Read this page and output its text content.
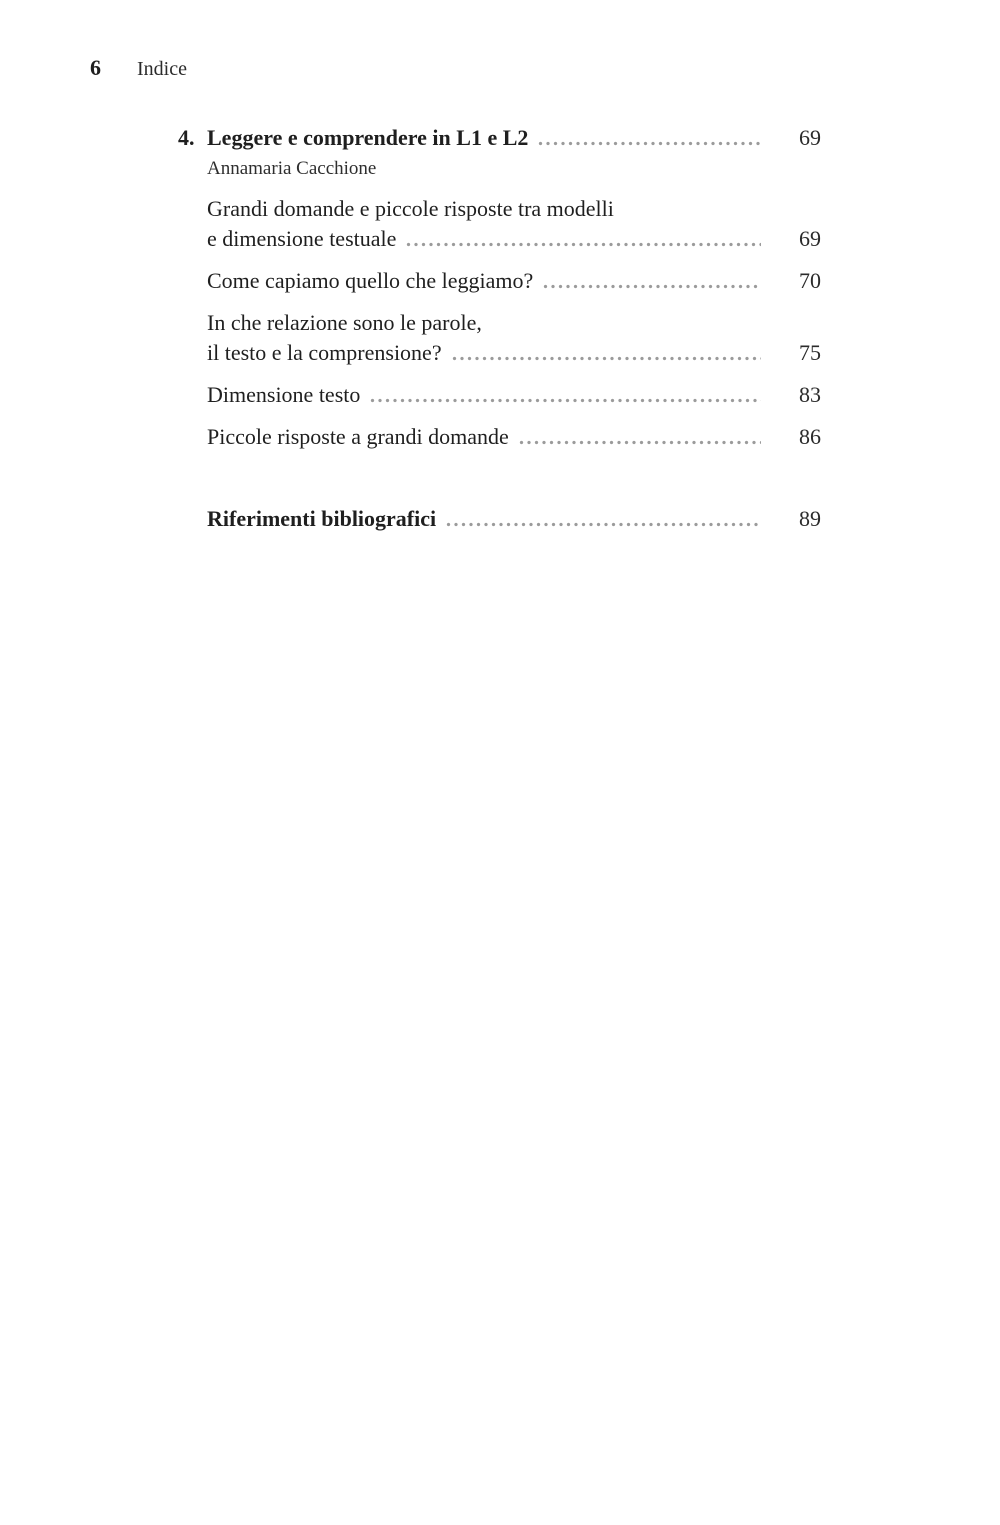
6 Indice
4. Leggere e comprendere in L1 e L2	69
Annamaria Cacchione
Grandi domande e piccole risposte tra modelli
e dimensione testuale	69
Come capiamo quello che leggiamo?	70
In che relazione sono le parole,
il testo e la comprensione?	75
Dimensione testo	83
Piccole risposte a grandi domande	86
Riferimenti bibliografici	89
